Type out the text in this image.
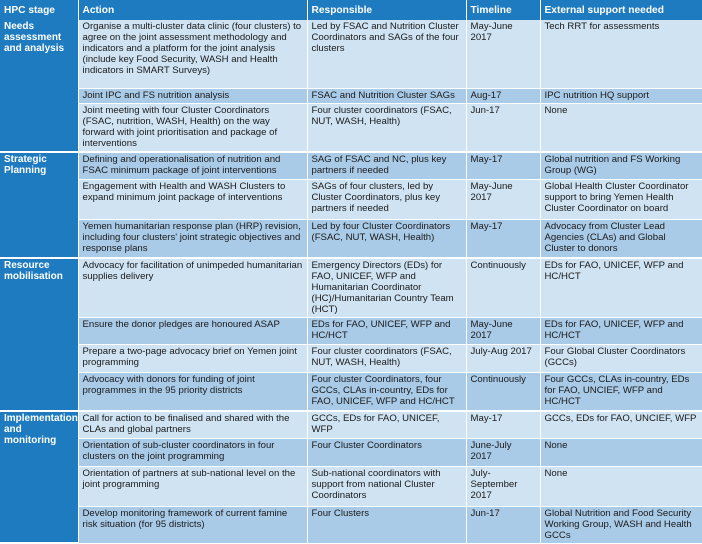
HPC stage	Action	Responsible	Timeline	External support needed
Needs assessment and analysis	Organise a multi-cluster data clinic (four clusters) to agree on the joint assessment methodology and indicators and a platform for the joint analysis (include key Food Security, WASH and Health indicators in SMART Surveys)	Led by FSAC and Nutrition Cluster Coordinators and SAGs of the four clusters	May-June 2017	Tech RRT for assessments
	Joint IPC and FS nutrition analysis	FSAC and Nutrition Cluster SAGs	Aug-17	IPC nutrition HQ support
	Joint meeting with four Cluster Coordinators (FSAC, nutrition, WASH, Health) on the way forward with joint prioritisation and package of interventions	Four cluster coordinators (FSAC, NUT, WASH, Health)	Jun-17	None
Strategic Planning	Defining and operationalisation of nutrition and FSAC minimum package of joint interventions	SAG of FSAC and NC, plus key partners if needed	May-17	Global nutrition and FS Working Group (WG)
	Engagement with Health and WASH Clusters to expand minimum joint package of interventions	SAGs of four clusters, led by Cluster Coordinators, plus key partners if needed	May-June 2017	Global Health Cluster Coordinator support to bring Yemen Health Cluster Coordinator on board
	Yemen humanitarian response plan (HRP) revision, including four clusters' joint strategic objectives and response plans	Led by four Cluster Coordinators (FSAC, NUT, WASH, Health)	May-17	Advocacy from Cluster Lead Agencies (CLAs) and Global Cluster to donors
Resource mobilisation	Advocacy for facilitation of unimpeded humanitarian supplies delivery	Emergency Directors (EDs) for FAO, UNICEF, WFP and Humanitarian Coordinator (HC)/Humanitarian Country Team (HCT)	Continuously	EDs for FAO, UNICEF, WFP and HC/HCT
	Ensure the donor pledges are honoured ASAP	EDs for FAO, UNICEF, WFP and HC/HCT	May-June 2017	EDs for FAO, UNICEF, WFP and HC/HCT
	Prepare a two-page advocacy brief on Yemen joint programming	Four cluster coordinators (FSAC, NUT, WASH, Health)	July-Aug 2017	Four Global Cluster Coordinators (GCCs)
	Advocacy with donors for funding of joint programmes in the 95 priority districts	Four cluster Coordinators, four GCCs, CLAs in-country, EDs for FAO, UNICEF, WFP and HC/HCT	Continuously	Four GCCs, CLAs in-country, EDs for FAO, UNCIEF, WFP and HC/HCT
Implementation and monitoring	Call for action to be finalised and shared with the CLAs and global partners	GCCs, EDs for FAO, UNICEF, WFP	May-17	GCCs, EDs for FAO, UNCIEF, WFP
	Orientation of sub-cluster coordinators in four clusters on the joint programming	Four Cluster Coordinators	June-July 2017	None
	Orientation of partners at sub-national level on the joint programming	Sub-national coordinators with support from national Cluster Coordinators	July-September 2017	None
	Develop monitoring framework of current famine risk situation (for 95 districts)	Four Clusters	Jun-17	Global Nutrition and Food Security Working Group, WASH and Health GCCs
